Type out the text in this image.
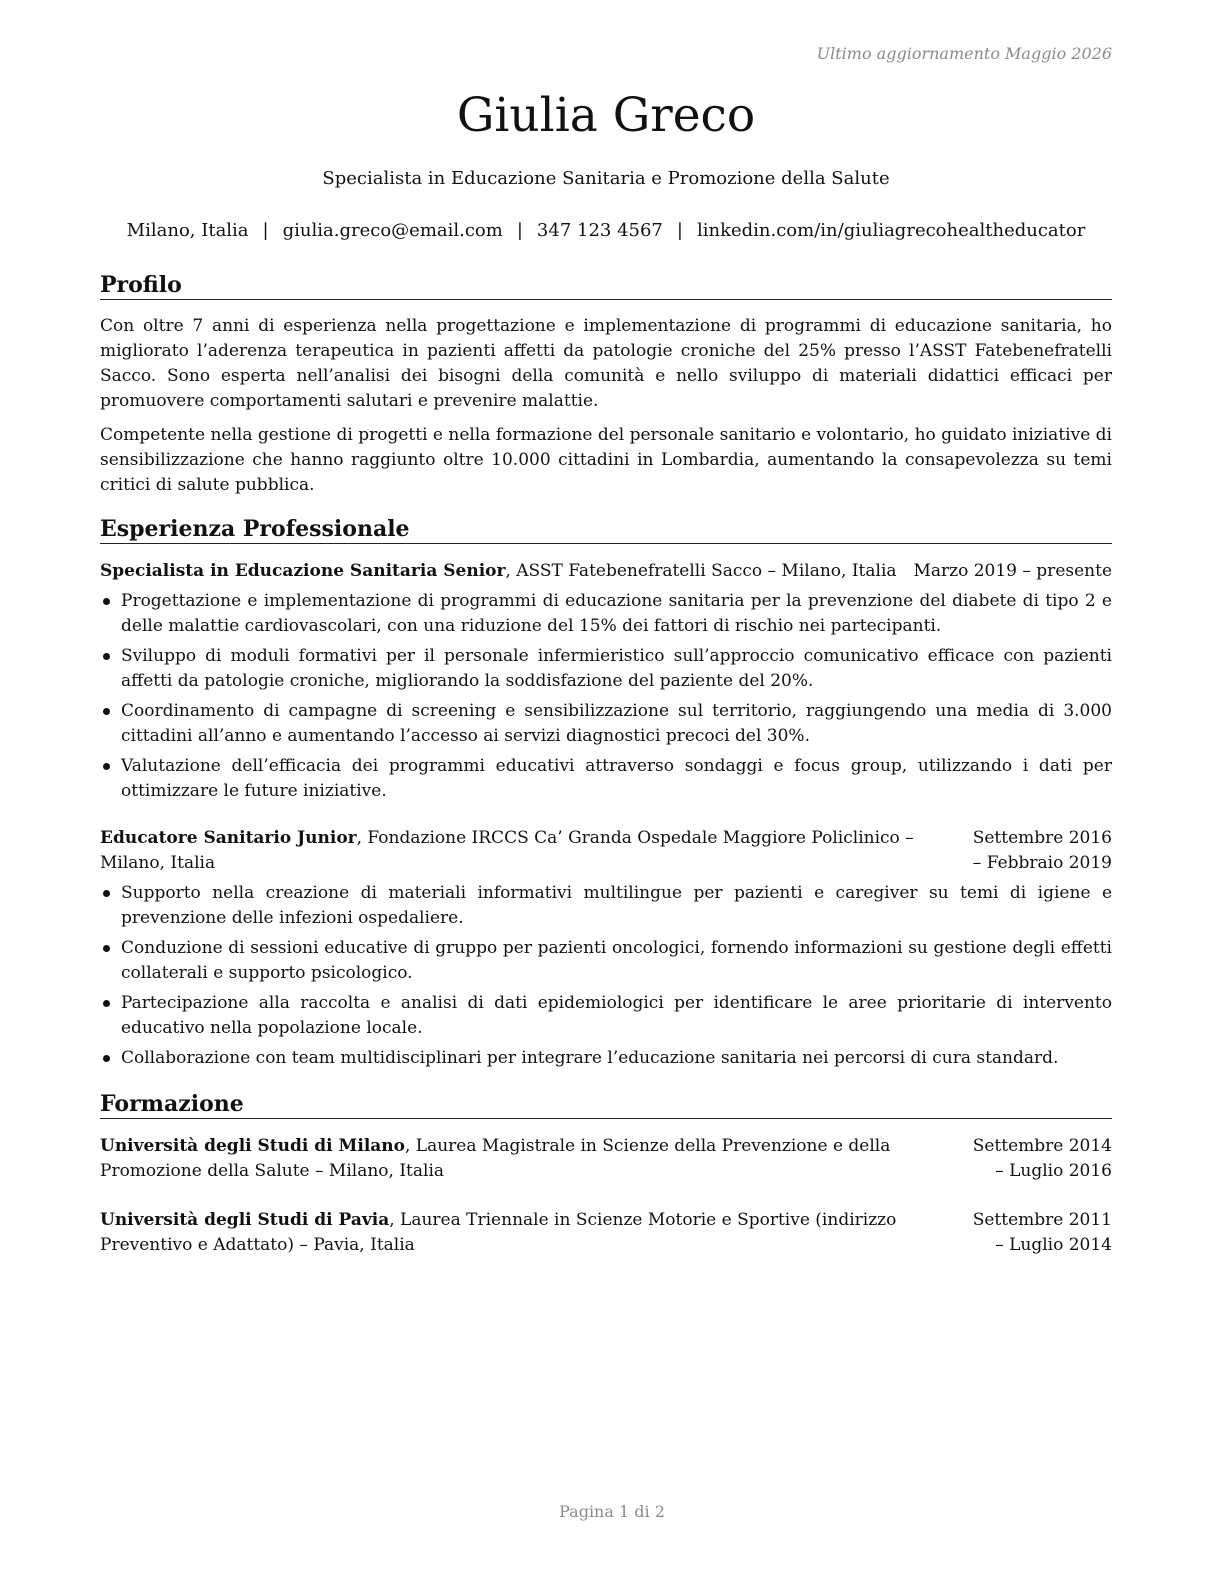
Ultimo aggiornamento Maggio 2026
Giulia Greco
Specialista in Educazione Sanitaria e Promozione della Salute
Milano, Italia | giulia.greco@email.com | 347 123 4567 | linkedin.com/in/giuliagrecohealtheducator
Profilo

Con oltre 7 anni di esperienza nella progettazione e implementazione di programmi di educazione sanitaria, ho migliorato l’aderenza terapeutica in pazienti affetti da patologie croniche del 25% presso l’ASST Fatebenefratelli Sacco. Sono esperta nell’analisi dei bisogni della comunità e nello sviluppo di materiali didattici efficaci per promuovere comportamenti salutari e prevenire malattie.

Competente nella gestione di progetti e nella formazione del personale sanitario e volontario, ho guidato iniziative di sensibilizzazione che hanno raggiunto oltre 10.000 cittadini in Lombardia, aumentando la consapevolezza su temi critici di salute pubblica.

Esperienza Professionale
Specialista in Educazione Sanitaria Senior, ASST Fatebenefratelli Sacco – Milano, Italia Marzo 2019 – presente
Progettazione e implementazione di programmi di educazione sanitaria per la prevenzione del diabete di tipo 2 e delle malattie cardiovascolari, con una riduzione del 15% dei fattori di rischio nei partecipanti.
Sviluppo di moduli formativi per il personale infermieristico sull’approccio comunicativo efficace con pazienti affetti da patologie croniche, migliorando la soddisfazione del paziente del 20%.
Coordinamento di campagne di screening e sensibilizzazione sul territorio, raggiungendo una media di 3.000 cittadini all’anno e aumentando l’accesso ai servizi diagnostici precoci del 30%.
Valutazione dell’efficacia dei programmi educativi attraverso sondaggi e focus group, utilizzando i dati per ottimizzare le future iniziative.
Educatore Sanitario Junior, Fondazione IRCCS Ca’ Granda Ospedale Maggiore Policlinico – Milano, Italia
Settembre 2016 – Febbraio 2019
Supporto nella creazione di materiali informativi multilingue per pazienti e caregiver su temi di igiene e prevenzione delle infezioni ospedaliere.
Conduzione di sessioni educative di gruppo per pazienti oncologici, fornendo informazioni su gestione degli effetti collaterali e supporto psicologico.
Partecipazione alla raccolta e analisi di dati epidemiologici per identificare le aree prioritarie di intervento educativo nella popolazione locale.
Collaborazione con team multidisciplinari per integrare l’educazione sanitaria nei percorsi di cura standard.
Formazione
Università degli Studi di Milano, Laurea Magistrale in Scienze della Prevenzione e della Promozione della Salute – Milano, Italia
Settembre 2014 – Luglio 2016
Università degli Studi di Pavia, Laurea Triennale in Scienze Motorie e Sportive (indirizzo Preventivo e Adattato) – Pavia, Italia
Settembre 2011 – Luglio 2014
Pagina 1 di 2
